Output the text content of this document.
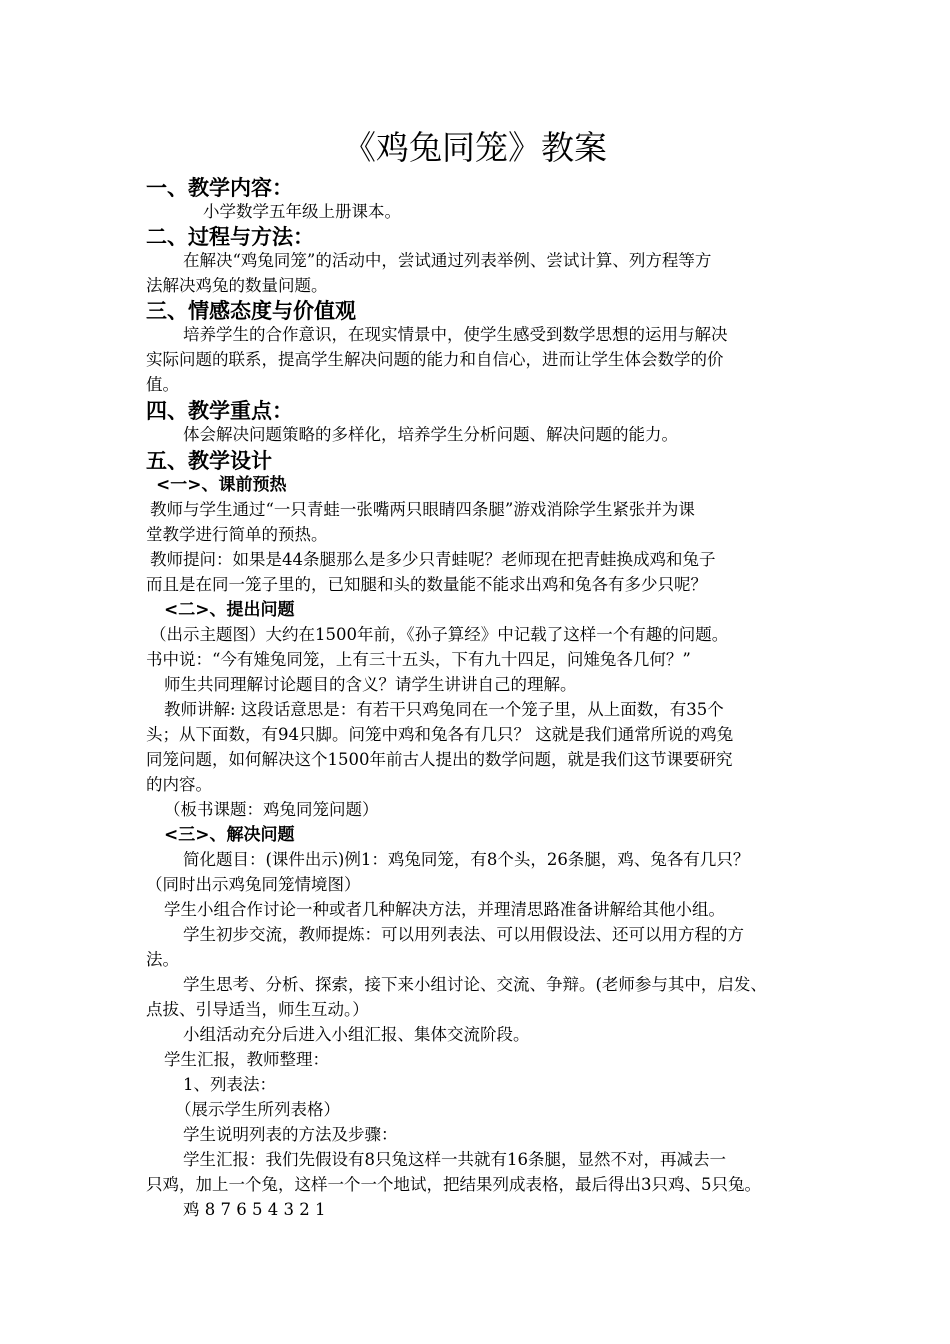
《鸡兔同笼》教案
一、教学内容：
小学数学五年级上册课本。
二、过程与方法：
在解决“鸡兔同笼”的活动中，尝试通过列表举例、尝试计算、列方程等方
法解决鸡兔的数量问题。
三、情感态度与价值观
培养学生的合作意识，在现实情景中，使学生感受到数学思想的运用与解决
实际问题的联系，提高学生解决问题的能力和自信心，进而让学生体会数学的价
值。
四、教学重点：
体会解决问题策略的多样化，培养学生分析问题、解决问题的能力。
五、教学设计
<一>、课前预热
教师与学生通过“一只青蛙一张嘴两只眼睛四条腿”游戏消除学生紧张并为课
堂教学进行简单的预热。
教师提问：如果是44条腿那么是多少只青蛙呢？老师现在把青蛙换成鸡和兔子
而且是在同一笼子里的，已知腿和头的数量能不能求出鸡和兔各有多少只呢？
<二>、提出问题
（出示主题图）大约在1500年前，《孙子算经》中记载了这样一个有趣的问题。
书中说：“今有雉兔同笼，上有三十五头，下有九十四足，问雉兔各几何？”
师生共同理解讨论题目的含义？请学生讲讲自己的理解。
教师讲解: 这段话意思是：有若干只鸡兔同在一个笼子里，从上面数，有35个
头；从下面数，有94只脚。问笼中鸡和兔各有几只？ 这就是我们通常所说的鸡兔
同笼问题，如何解决这个1500年前古人提出的数学问题，就是我们这节课要研究
的内容。
（板书课题：鸡兔同笼问题）
<三>、解决问题
简化题目：(课件出示)例1：鸡兔同笼，有8个头，26条腿，鸡、兔各有几只？
（同时出示鸡兔同笼情境图）
学生小组合作讨论一种或者几种解决方法，并理清思路准备讲解给其他小组。
学生初步交流，教师提炼：可以用列表法、可以用假设法、还可以用方程的方
法。
学生思考、分析、探索，接下来小组讨论、交流、争辩。(老师参与其中，启发、
点拔、引导适当，师生互动。）
小组活动充分后进入小组汇报、集体交流阶段。
学生汇报，教师整理：
1、列表法：
（展示学生所列表格）
学生说明列表的方法及步骤：
学生汇报：我们先假设有8只兔这样一共就有16条腿，显然不对，再减去一
只鸡，加上一个兔，这样一个一个地试，把结果列成表格，最后得出3只鸡、5只兔。
鸡 8 7 6 5 4 3 2 1
